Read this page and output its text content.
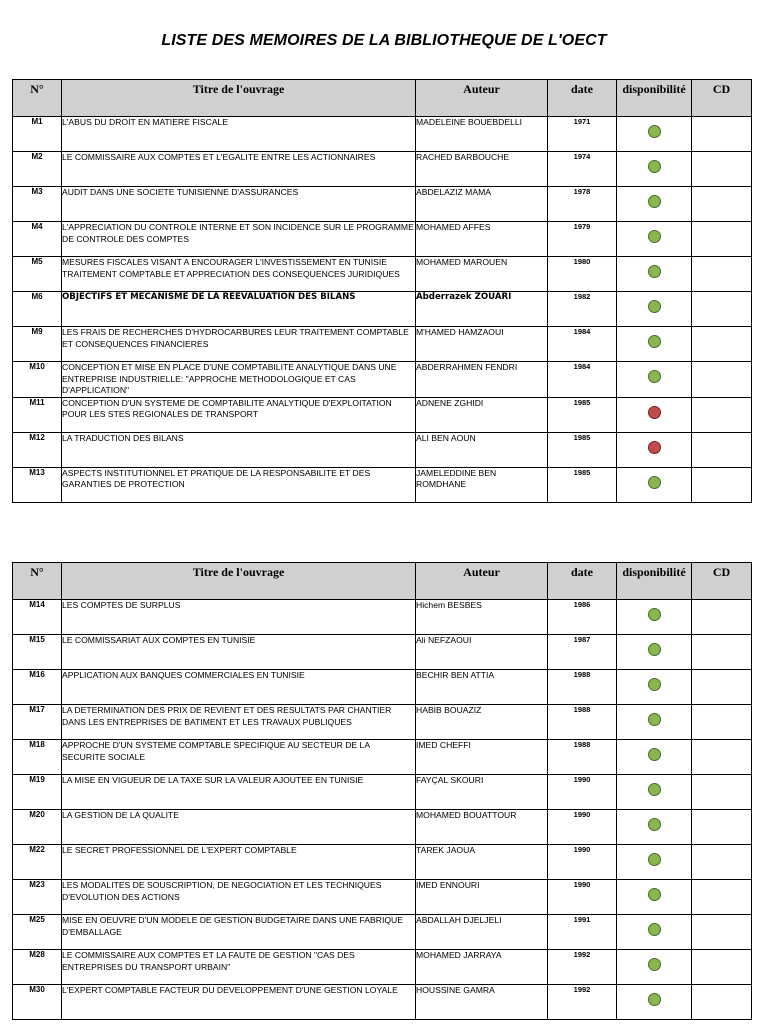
LISTE DES MEMOIRES DE LA BIBLIOTHEQUE DE L'OECT
N°	Titre de l'ouvrage	Auteur	date	disponibilité	CD
M1	L'ABUS DU DROIT EN MATIERE FISCALE	MADELEINE BOUEBDELLI	1971		
M2	LE COMMISSAIRE AUX COMPTES ET L'EGALITE ENTRE LES ACTIONNAIRES	RACHED BARBOUCHE	1974		
M3	AUDIT DANS UNE SOCIETE TUNISIENNE D'ASSURANCES	ABDELAZIZ MAMA	1978		
M4	L'APPRECIATION DU CONTROLE INTERNE ET SON INCIDENCE SUR LE PROGRAMME DE CONTROLE DES COMPTES	MOHAMED AFFES	1979		
M5	MESURES FISCALES VISANT A ENCOURAGER L'INVESTISSEMENT EN TUNISIE TRAITEMENT COMPTABLE ET APPRECIATION DES CONSEQUENCES JURIDIQUES	MOHAMED MAROUEN	1980		
M6	OBJECTIFS ET MECANISME DE LA REEVALUATION DES BILANS	Abderrazek ZOUARI	1982		
M9	LES FRAIS DE RECHERCHES D'HYDROCARBURES LEUR TRAITEMENT COMPTABLE ET CONSEQUENCES FINANCIERES	M'HAMED HAMZAOUI	1984		
M10	CONCEPTION ET MISE EN PLACE D'UNE COMPTABILITE ANALYTIQUE DANS UNE ENTREPRISE INDUSTRIELLE: "APPROCHE METHODOLOGIQUE ET CAS D'APPLICATION"	ABDERRAHMEN FENDRI	1984		
M11	CONCEPTION D'UN SYSTEME DE COMPTABILITE ANALYTIQUE D'EXPLOITATION POUR LES STES REGIONALES DE TRANSPORT	ADNENE ZGHIDI	1985		
M12	LA TRADUCTION DES BILANS	ALI BEN AOUN	1985		
M13	ASPECTS INSTITUTIONNEL ET PRATIQUE DE LA RESPONSABILITE ET DES GARANTIES DE PROTECTION	JAMELEDDINE BEN ROMDHANE	1985		
N°	Titre de l'ouvrage	Auteur	date	disponibilité	CD
M14	LES COMPTES DE SURPLUS	Hichem BESBES	1986		
M15	LE COMMISSARIAT AUX COMPTES EN TUNISIE	Ali NEFZAOUI	1987		
M16	APPLICATION AUX BANQUES COMMERCIALES EN TUNISIE	BECHIR BEN ATTIA	1988		
M17	LA DETERMINATION DES PRIX DE REVIENT ET DES RESULTATS PAR CHANTIER DANS LES ENTREPRISES DE BATIMENT ET LES TRAVAUX PUBLIQUES	HABIB BOUAZIZ	1988		
M18	APPROCHE D'UN SYSTEME COMPTABLE SPECIFIQUE AU SECTEUR DE LA SECURITE SOCIALE	IMED CHEFFI	1988		
M19	LA MISE EN VIGUEUR DE LA TAXE SUR LA VALEUR AJOUTEE EN TUNISIE	FAYÇAL SKOURI	1990		
M20	LA GESTION DE LA QUALITE	MOHAMED BOUATTOUR	1990		
M22	LE SECRET PROFESSIONNEL DE L'EXPERT COMPTABLE	TAREK JAOUA	1990		
M23	LES MODALITES DE SOUSCRIPTION, DE NEGOCIATION ET LES TECHNIQUES D'EVOLUTION DES ACTIONS	IMED ENNOURI	1990		
M25	MISE EN OEUVRE D'UN MODELE DE GESTION BUDGETAIRE DANS UNE FABRIQUE D'EMBALLAGE	ABDALLAH DJELJELI	1991		
M28	LE COMMISSAIRE AUX COMPTES ET LA FAUTE DE GESTION "CAS DES ENTREPRISES DU TRANSPORT URBAIN"	MOHAMED JARRAYA	1992		
M30	L'EXPERT COMPTABLE FACTEUR DU DEVELOPPEMENT D'UNE GESTION LOYALE	HOUSSINE GAMRA	1992		
